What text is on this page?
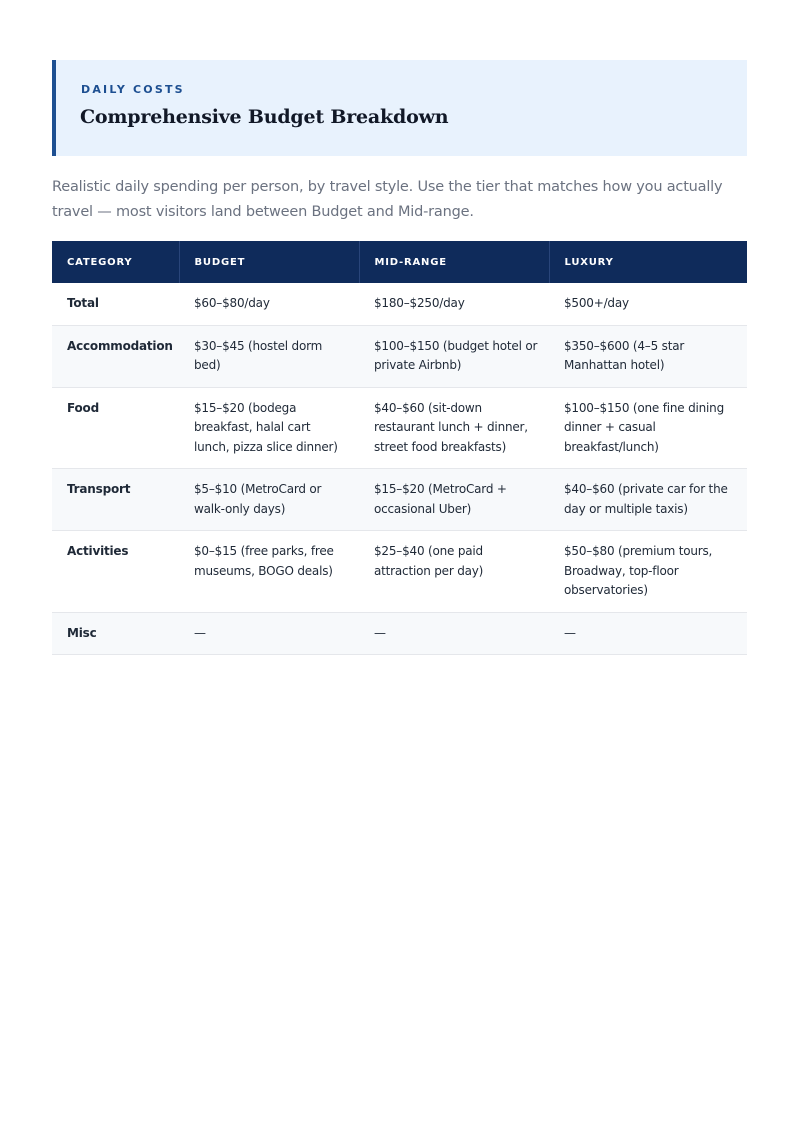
DAILY COSTS
Comprehensive Budget Breakdown

Realistic daily spending per person, by travel style. Use the tier that matches how you actually travel — most visitors land between Budget and Mid-range.

CATEGORY	BUDGET	MID-RANGE	LUXURY
Total	$60–$80/day	$180–$250/day	$500+/day
Accommodation	$30–$45 (hostel dorm bed)	$100–$150 (budget hotel or private Airbnb)	$350–$600 (4–5 star Manhattan hotel)
Food	$15–$20 (bodega breakfast, halal cart lunch, pizza slice dinner)	$40–$60 (sit-down restaurant lunch + dinner, street food breakfasts)	$100–$150 (one fine dining dinner + casual breakfast/lunch)
Transport	$5–$10 (MetroCard or walk-only days)	$15–$20 (MetroCard + occasional Uber)	$40–$60 (private car for the day or multiple taxis)
Activities	$0–$15 (free parks, free museums, BOGO deals)	$25–$40 (one paid attraction per day)	$50–$80 (premium tours, Broadway, top-floor observatories)
Misc	—	—	—
